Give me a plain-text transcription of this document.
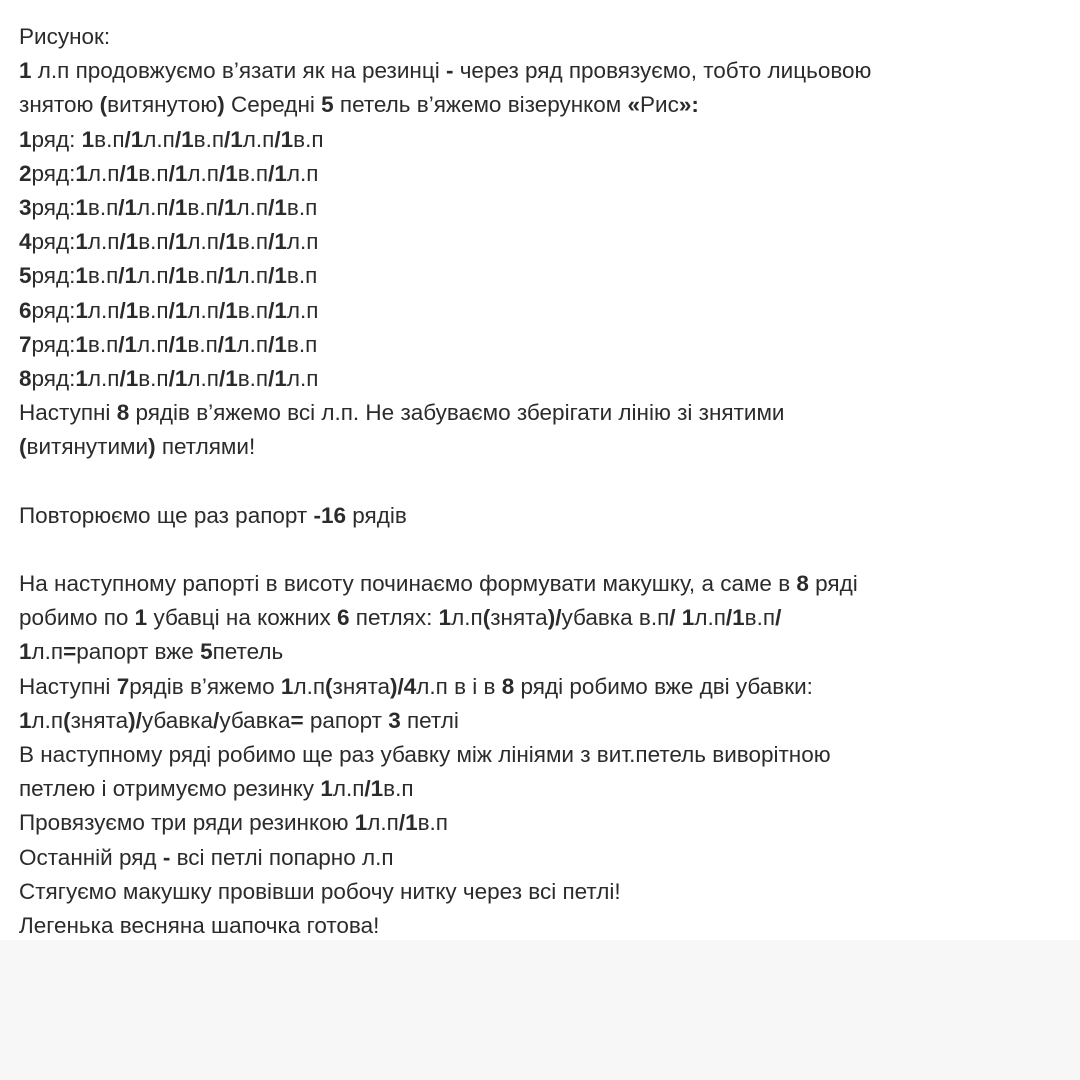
Рисунок:
1 л.п продовжуємо в’язати як на резинці - через ряд провязуємо, тобто лицьовою
знятою (витянутою) Середні 5 петель в’яжемо візерунком «Рис»:
1ряд: 1в.п/1л.п/1в.п/1л.п/1в.п
2ряд:1л.п/1в.п/1л.п/1в.п/1л.п
3ряд:1в.п/1л.п/1в.п/1л.п/1в.п
4ряд:1л.п/1в.п/1л.п/1в.п/1л.п
5ряд:1в.п/1л.п/1в.п/1л.п/1в.п
6ряд:1л.п/1в.п/1л.п/1в.п/1л.п
7ряд:1в.п/1л.п/1в.п/1л.п/1в.п
8ряд:1л.п/1в.п/1л.п/1в.п/1л.п
Наступні 8 рядів в’яжемо всі л.п. Не забуваємо зберігати лінію зі знятими
(витянутими) петлями!
Повторюємо ще раз рапорт -16 рядів
На наступному рапорті в висоту починаємо формувати макушку, а саме в 8 ряді
робимо по 1 убавці на кожних 6 петлях: 1л.п(знята)/убавка в.п/ 1л.п/1в.п/
1л.п=рапорт вже 5петель
Наступні 7рядів в’яжемо 1л.п(знята)/4л.п в і в 8 ряді робимо вже дві убавки:
1л.п(знята)/убавка/убавка= рапорт 3 петлі
В наступному ряді робимо ще раз убавку між лініями з вит.петель виворітною
петлею і отримуємо резинку 1л.п/1в.п
Провязуємо три ряди резинкою 1л.п/1в.п
Останній ряд - всі петлі попарно л.п
Стягуємо макушку провівши робочу нитку через всі петлі!
Легенька весняна шапочка готова!
